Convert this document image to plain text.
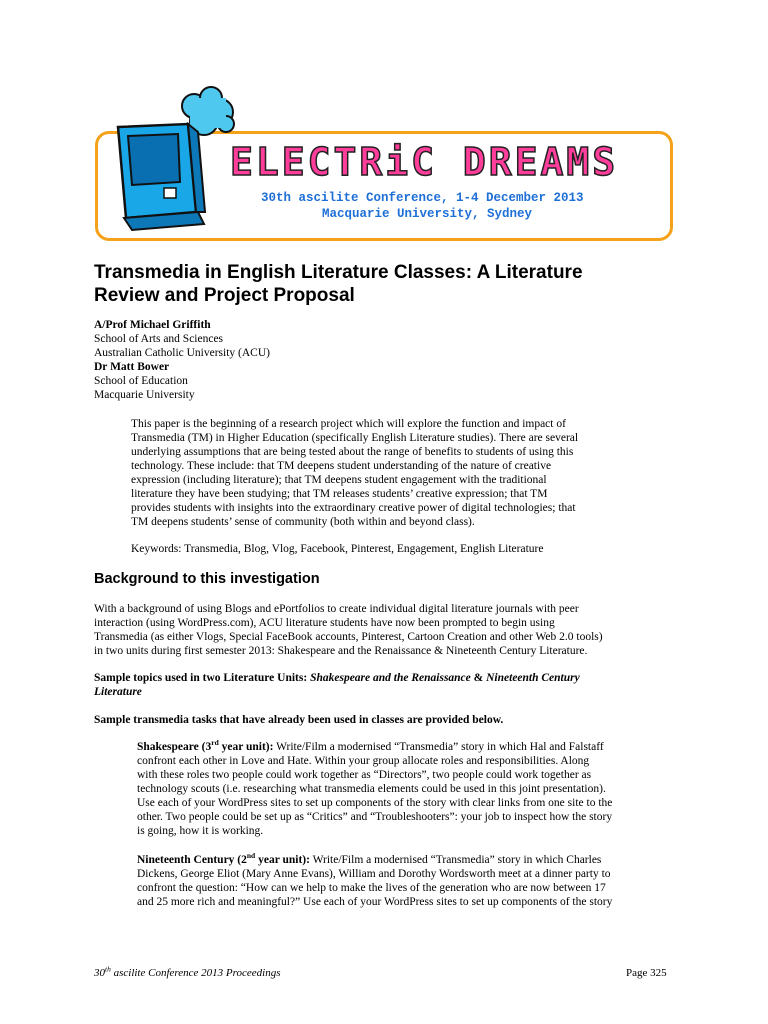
ELECTRiC DREAMS
30th ascilite Conference, 1-4 December 2013
Macquarie University, Sydney
Transmedia in English Literature Classes: A Literature
Review and Project Proposal
A/Prof Michael Griffith
School of Arts and Sciences
Australian Catholic University (ACU)
Dr Matt Bower
School of Education
Macquarie University
This paper is the beginning of a research project which will explore the function and impact of
Transmedia (TM) in Higher Education (specifically English Literature studies). There are several
underlying assumptions that are being tested about the range of benefits to students of using this
technology. These include: that TM deepens student understanding of the nature of creative
expression (including literature); that TM deepens student engagement with the traditional
literature they have been studying; that TM releases students’ creative expression; that TM
provides students with insights into the extraordinary creative power of digital technologies; that
TM deepens students’ sense of community (both within and beyond class).
Keywords: Transmedia, Blog, Vlog, Facebook, Pinterest, Engagement, English Literature
Background to this investigation
With a background of using Blogs and ePortfolios to create individual digital literature journals with peer
interaction (using WordPress.com), ACU literature students have now been prompted to begin using
Transmedia (as either Vlogs, Special FaceBook accounts, Pinterest, Cartoon Creation and other Web 2.0 tools)
in two units during first semester 2013: Shakespeare and the Renaissance & Nineteenth Century Literature.
Sample topics used in two Literature Units: Shakespeare and the Renaissance & Nineteenth Century
Literature
Sample transmedia tasks that have already been used in classes are provided below.
Shakespeare (3rd year unit): Write/Film a modernised “Transmedia” story in which Hal and Falstaff
confront each other in Love and Hate. Within your group allocate roles and responsibilities. Along
with these roles two people could work together as “Directors”, two people could work together as
technology scouts (i.e. researching what transmedia elements could be used in this joint presentation).
Use each of your WordPress sites to set up components of the story with clear links from one site to the
other. Two people could be set up as “Critics” and “Troubleshooters”: your job to inspect how the story
is going, how it is working.
Nineteenth Century (2nd year unit): Write/Film a modernised “Transmedia” story in which Charles
Dickens, George Eliot (Mary Anne Evans), William and Dorothy Wordsworth meet at a dinner party to
confront the question: “How can we help to make the lives of the generation who are now between 17
and 25 more rich and meaningful?” Use each of your WordPress sites to set up components of the story
30th ascilite Conference 2013 Proceedings	Page 325
